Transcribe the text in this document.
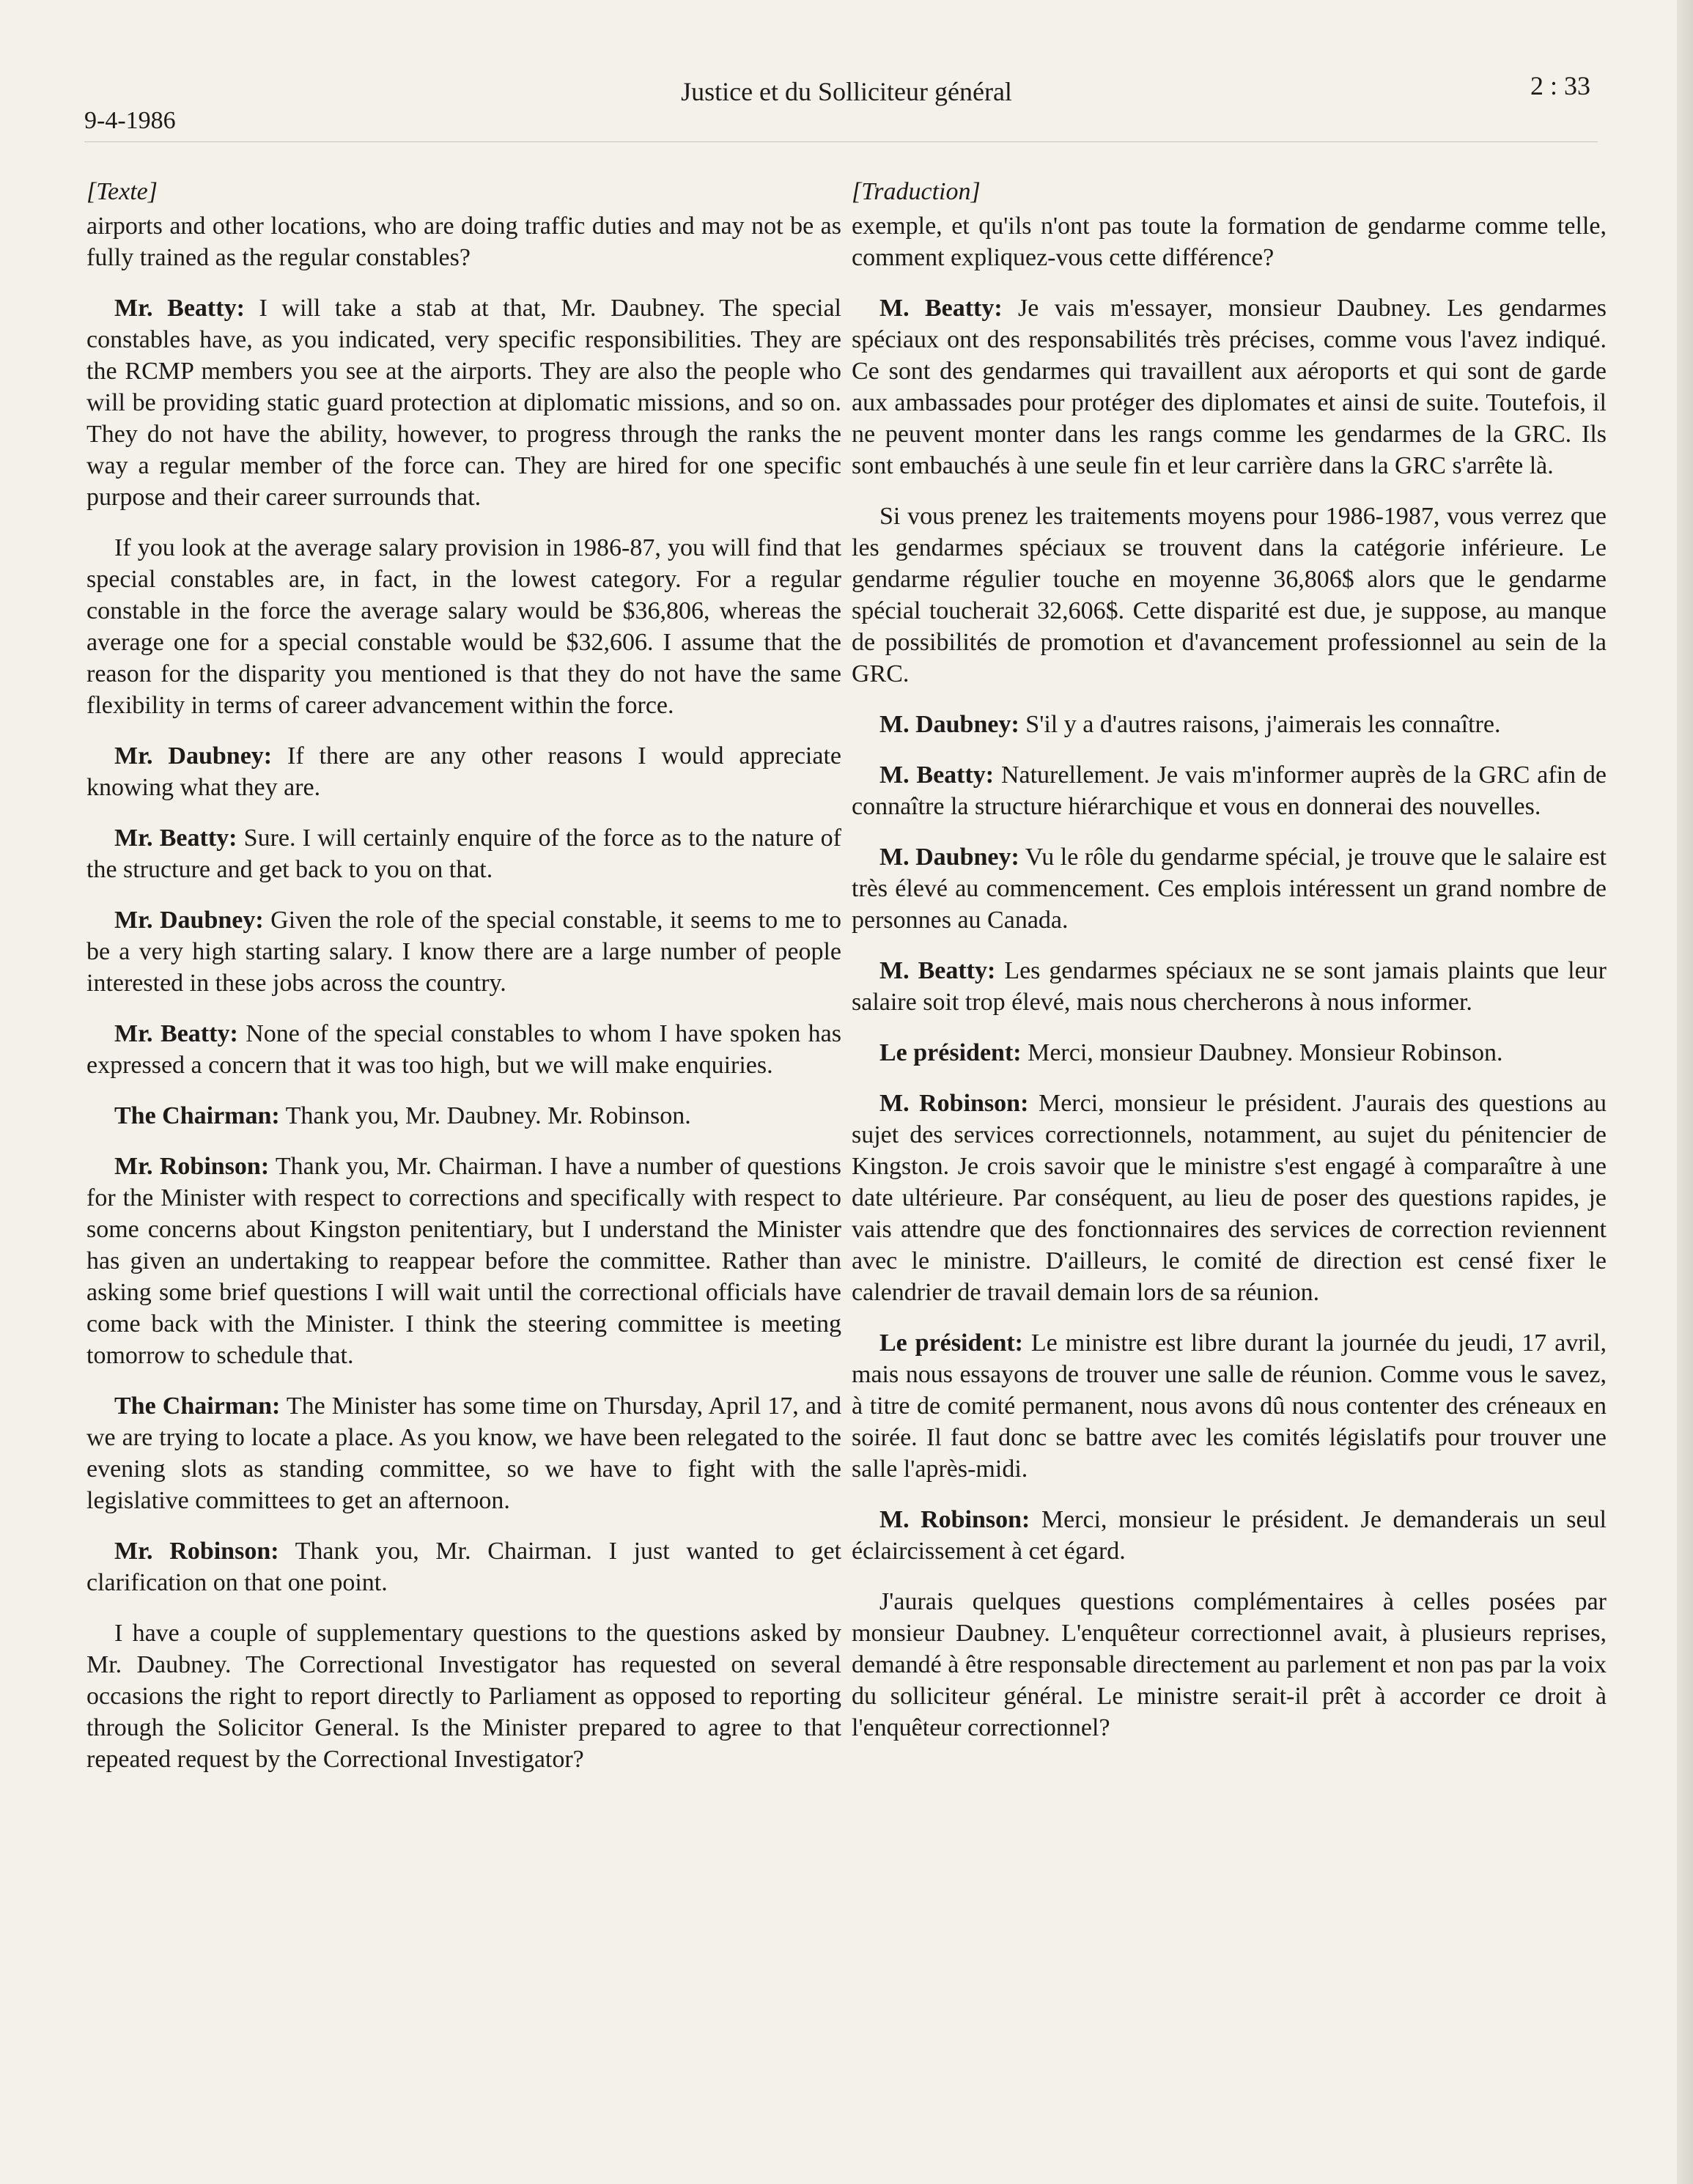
9-4-1986
Justice et du Solliciteur général	2 : 33
[Texte]

airports and other locations, who are doing traffic duties and may not be as fully trained as the regular constables?

Mr. Beatty: I will take a stab at that, Mr. Daubney. The special constables have, as you indicated, very specific responsibilities. They are the RCMP members you see at the airports. They are also the people who will be providing static guard protection at diplomatic missions, and so on. They do not have the ability, however, to progress through the ranks the way a regular member of the force can. They are hired for one specific purpose and their career surrounds that.

If you look at the average salary provision in 1986-87, you will find that special constables are, in fact, in the lowest category. For a regular constable in the force the average salary would be $36,806, whereas the average one for a special constable would be $32,606. I assume that the reason for the disparity you mentioned is that they do not have the same flexibility in terms of career advancement within the force.

Mr. Daubney: If there are any other reasons I would appreciate knowing what they are.

Mr. Beatty: Sure. I will certainly enquire of the force as to the nature of the structure and get back to you on that.

Mr. Daubney: Given the role of the special constable, it seems to me to be a very high starting salary. I know there are a large number of people interested in these jobs across the country.

Mr. Beatty: None of the special constables to whom I have spoken has expressed a concern that it was too high, but we will make enquiries.

The Chairman: Thank you, Mr. Daubney. Mr. Robinson.

Mr. Robinson: Thank you, Mr. Chairman. I have a number of questions for the Minister with respect to corrections and specifically with respect to some concerns about Kingston penitentiary, but I understand the Minister has given an undertaking to reappear before the committee. Rather than asking some brief questions I will wait until the correctional officials have come back with the Minister. I think the steering committee is meeting tomorrow to schedule that.

The Chairman: The Minister has some time on Thursday, April 17, and we are trying to locate a place. As you know, we have been relegated to the evening slots as standing committee, so we have to fight with the legislative committees to get an afternoon.

Mr. Robinson: Thank you, Mr. Chairman. I just wanted to get clarification on that one point.

I have a couple of supplementary questions to the questions asked by Mr. Daubney. The Correctional Investigator has requested on several occasions the right to report directly to Parliament as opposed to reporting through the Solicitor General. Is the Minister prepared to agree to that repeated request by the Correctional Investigator?

[Traduction]

exemple, et qu'ils n'ont pas toute la formation de gendarme comme telle, comment expliquez-vous cette différence?

M. Beatty: Je vais m'essayer, monsieur Daubney. Les gendarmes spéciaux ont des responsabilités très précises, comme vous l'avez indiqué. Ce sont des gendarmes qui travaillent aux aéroports et qui sont de garde aux ambassades pour protéger des diplomates et ainsi de suite. Toutefois, il ne peuvent monter dans les rangs comme les gendarmes de la GRC. Ils sont embauchés à une seule fin et leur carrière dans la GRC s'arrête là.

Si vous prenez les traitements moyens pour 1986-1987, vous verrez que les gendarmes spéciaux se trouvent dans la catégorie inférieure. Le gendarme régulier touche en moyenne 36,806$ alors que le gendarme spécial toucherait 32,606$. Cette disparité est due, je suppose, au manque de possibilités de promotion et d'avancement professionnel au sein de la GRC.

M. Daubney: S'il y a d'autres raisons, j'aimerais les connaître.

M. Beatty: Naturellement. Je vais m'informer auprès de la GRC afin de connaître la structure hiérarchique et vous en donnerai des nouvelles.

M. Daubney: Vu le rôle du gendarme spécial, je trouve que le salaire est très élevé au commencement. Ces emplois intéressent un grand nombre de personnes au Canada.

M. Beatty: Les gendarmes spéciaux ne se sont jamais plaints que leur salaire soit trop élevé, mais nous chercherons à nous informer.

Le président: Merci, monsieur Daubney. Monsieur Robinson.

M. Robinson: Merci, monsieur le président. J'aurais des questions au sujet des services correctionnels, notamment, au sujet du pénitencier de Kingston. Je crois savoir que le ministre s'est engagé à comparaître à une date ultérieure. Par conséquent, au lieu de poser des questions rapides, je vais attendre que des fonctionnaires des services de correction reviennent avec le ministre. D'ailleurs, le comité de direction est censé fixer le calendrier de travail demain lors de sa réunion.

Le président: Le ministre est libre durant la journée du jeudi, 17 avril, mais nous essayons de trouver une salle de réunion. Comme vous le savez, à titre de comité permanent, nous avons dû nous contenter des créneaux en soirée. Il faut donc se battre avec les comités législatifs pour trouver une salle l'après-midi.

M. Robinson: Merci, monsieur le président. Je demanderais un seul éclaircissement à cet égard.

J'aurais quelques questions complémentaires à celles posées par monsieur Daubney. L'enquêteur correctionnel avait, à plusieurs reprises, demandé à être responsable directement au parlement et non pas par la voix du solliciteur général. Le ministre serait-il prêt à accorder ce droit à l'enquêteur correctionnel?
